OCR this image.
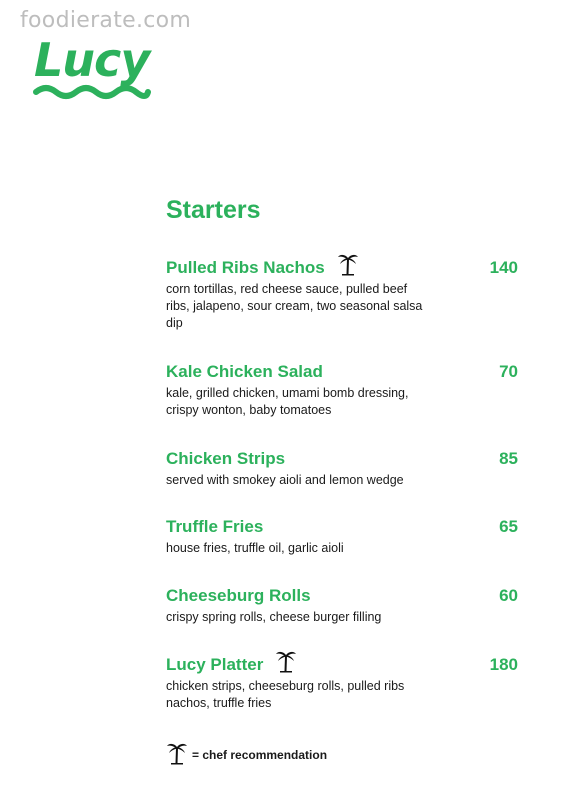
foodierate.com
Lucy
Starters
Pulled Ribs Nachos	140
corn tortillas, red cheese sauce, pulled beef ribs, jalapeno, sour cream, two seasonal salsa dip
Kale Chicken Salad	70
kale, grilled chicken, umami bomb dressing, crispy wonton, baby tomatoes
Chicken Strips	85
served with smokey aioli and lemon wedge
Truffle Fries	65
house fries, truffle oil, garlic aioli
Cheeseburg Rolls	60
crispy spring rolls, cheese burger filling
Lucy Platter	180
chicken strips, cheeseburg rolls, pulled ribs nachos, truffle fries
= chef recommendation
